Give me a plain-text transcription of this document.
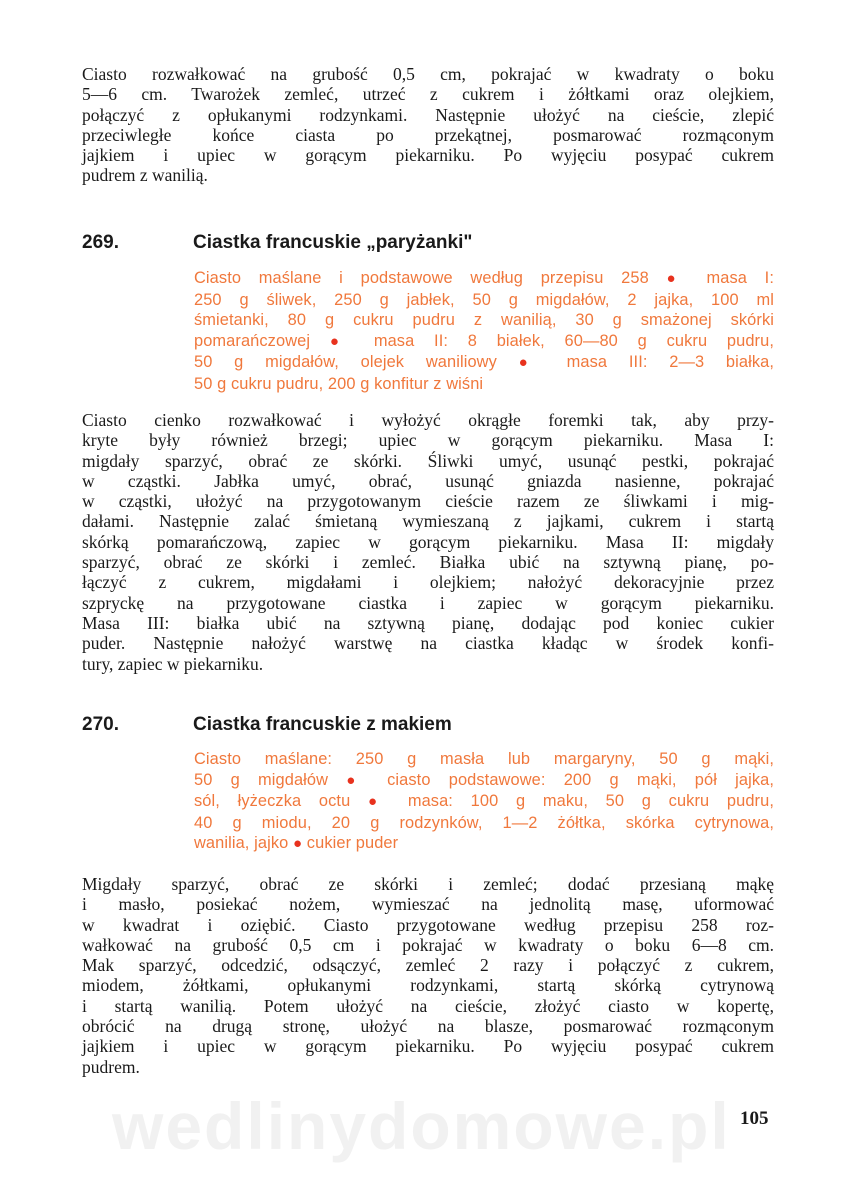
Ciasto rozwałkować na grubość 0,5 cm, pokrajać w kwadraty o boku
5—6 cm. Twarożek zemleć, utrzeć z cukrem i żółtkami oraz olejkiem,
połączyć z opłukanymi rodzynkami. Następnie ułożyć na cieście, zlepić
przeciwległe końce ciasta po przekątnej, posmarować rozmąconym
jajkiem i upiec w gorącym piekarniku. Po wyjęciu posypać cukrem
pudrem z wanilią.
269.	Ciastka francuskie „paryżanki"
Ciasto maślane i podstawowe według przepisu 258 ● masa I:
250 g śliwek, 250 g jabłek, 50 g migdałów, 2 jajka, 100 ml
śmietanki, 80 g cukru pudru z wanilią, 30 g smażonej skórki
pomarańczowej ● masa II: 8 białek, 60—80 g cukru pudru,
50 g migdałów, olejek waniliowy ● masa III: 2—3 białka,
50 g cukru pudru, 200 g konfitur z wiśni
Ciasto cienko rozwałkować i wyłożyć okrągłe foremki tak, aby przy-
kryte były również brzegi; upiec w gorącym piekarniku. Masa I:
migdały sparzyć, obrać ze skórki. Śliwki umyć, usunąć pestki, pokrajać
w cząstki. Jabłka umyć, obrać, usunąć gniazda nasienne, pokrajać
w cząstki, ułożyć na przygotowanym cieście razem ze śliwkami i mig-
dałami. Następnie zalać śmietaną wymieszaną z jajkami, cukrem i startą
skórką pomarańczową, zapiec w gorącym piekarniku. Masa II: migdały
sparzyć, obrać ze skórki i zemleć. Białka ubić na sztywną pianę, po-
łączyć z cukrem, migdałami i olejkiem; nałożyć dekoracyjnie przez
szpryckę na przygotowane ciastka i zapiec w gorącym piekarniku.
Masa III: białka ubić na sztywną pianę, dodając pod koniec cukier
puder. Następnie nałożyć warstwę na ciastka kładąc w środek konfi-
tury, zapiec w piekarniku.
270.	Ciastka francuskie z makiem
Ciasto maślane: 250 g masła lub margaryny, 50 g mąki,
50 g migdałów ● ciasto podstawowe: 200 g mąki, pół jajka,
sól, łyżeczka octu ● masa: 100 g maku, 50 g cukru pudru,
40 g miodu, 20 g rodzynków, 1—2 żółtka, skórka cytrynowa,
wanilia, jajko ● cukier puder
Migdały sparzyć, obrać ze skórki i zemleć; dodać przesianą mąkę
i masło, posiekać nożem, wymieszać na jednolitą masę, uformować
w kwadrat i oziębić. Ciasto przygotowane według przepisu 258 roz-
wałkować na grubość 0,5 cm i pokrajać w kwadraty o boku 6—8 cm.
Mak sparzyć, odcedzić, odsączyć, zemleć 2 razy i połączyć z cukrem,
miodem, żółtkami, opłukanymi rodzynkami, startą skórką cytrynową
i startą wanilią. Potem ułożyć na cieście, złożyć ciasto w kopertę,
obrócić na drugą stronę, ułożyć na blasze, posmarować rozmąconym
jajkiem i upiec w gorącym piekarniku. Po wyjęciu posypać cukrem
pudrem.

wedlinydomowe.pl 105
